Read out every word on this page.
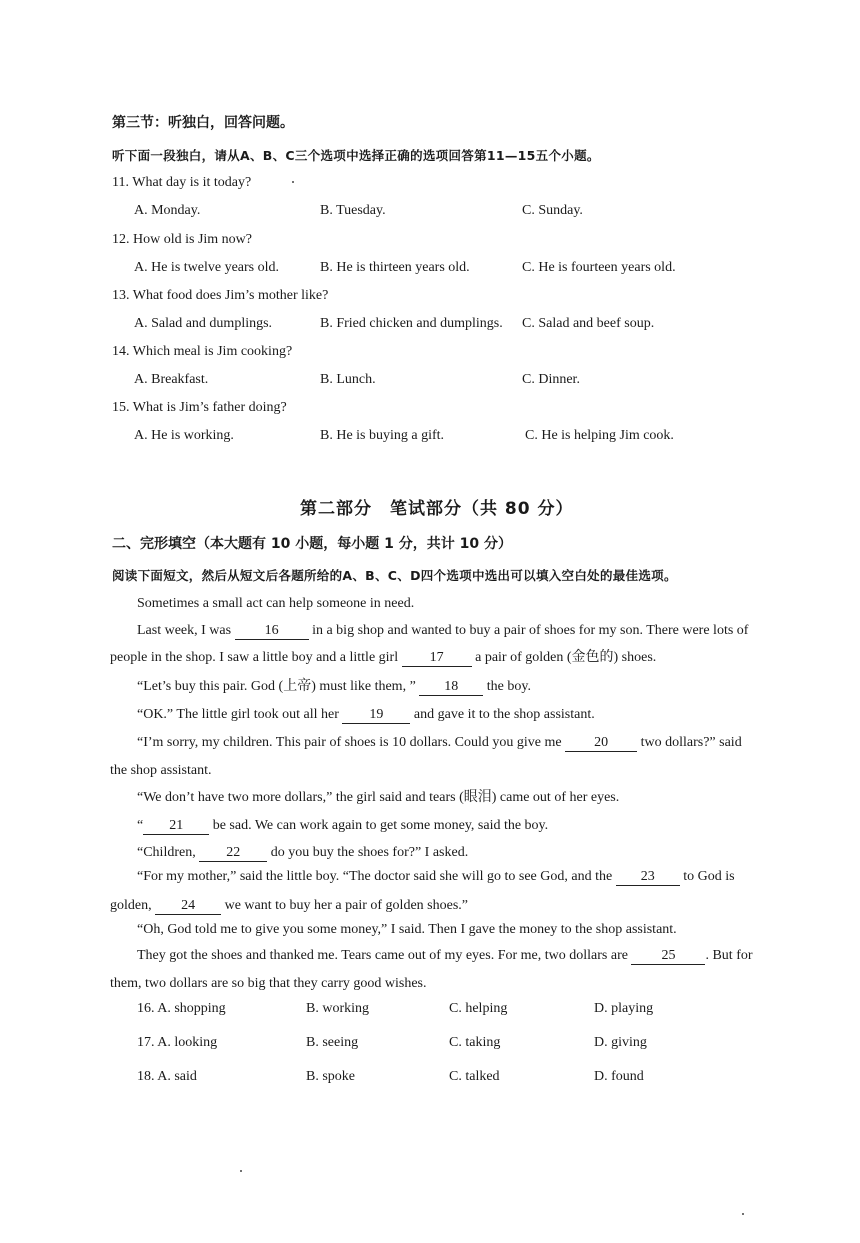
第三节：听独白，回答问题。
听下面一段独白，请从A、B、C三个选项中选择正确的选项回答第11—15五个小题。
11. What day is it today?
A. Monday.	B. Tuesday.	C. Sunday.
12. How old is Jim now?
A. He is twelve years old.	B. He is thirteen years old.	C. He is fourteen years old.
13. What food does Jim’s mother like?
A. Salad and dumplings.	B. Fried chicken and dumplings. C. Salad and beef soup.
14. Which meal is Jim cooking?
A. Breakfast.	B. Lunch.	C. Dinner.
15. What is Jim’s father doing?
A. He is working.	B. He is buying a gift.	C. He is helping Jim cook.
第二部分　笔试部分（共 80 分）
二、完形填空（本大题有 10 小题，每小题 1 分，共计 10 分）
阅读下面短文，然后从短文后各题所给的A、B、C、D四个选项中选出可以填入空白处的最佳选项。
Sometimes a small act can help someone in need.
Last week, I was 16 in a big shop and wanted to buy a pair of shoes for my son. There were lots of
people in the shop. I saw a little boy and a little girl 17 a pair of golden (金色的) shoes.
“Let’s buy this pair. God (上帝) must like them, ” 18 the boy.
“OK.” The little girl took out all her 19 and gave it to the shop assistant.
“I’m sorry, my children. This pair of shoes is 10 dollars. Could you give me 20 two dollars?” said
the shop assistant.
“We don’t have two more dollars,” the girl said and tears (眼泪) came out of her eyes.
“ 21 be sad. We can work again to get some money, said the boy.
“Children, 22 do you buy the shoes for?” I asked.
“For my mother,” said the little boy. “The doctor said she will go to see God, and the 23 to God is
golden, 24 we want to buy her a pair of golden shoes.”
“Oh, God told me to give you some money,” I said. Then I gave the money to the shop assistant.
They got the shoes and thanked me. Tears came out of my eyes. For me, two dollars are 25 . But for
them, two dollars are so big that they carry good wishes.
16. A. shopping	B. working	C. helping	D. playing
17. A. looking	B. seeing	C. taking	D. giving
18. A. said	B. spoke	C. talked	D. found
